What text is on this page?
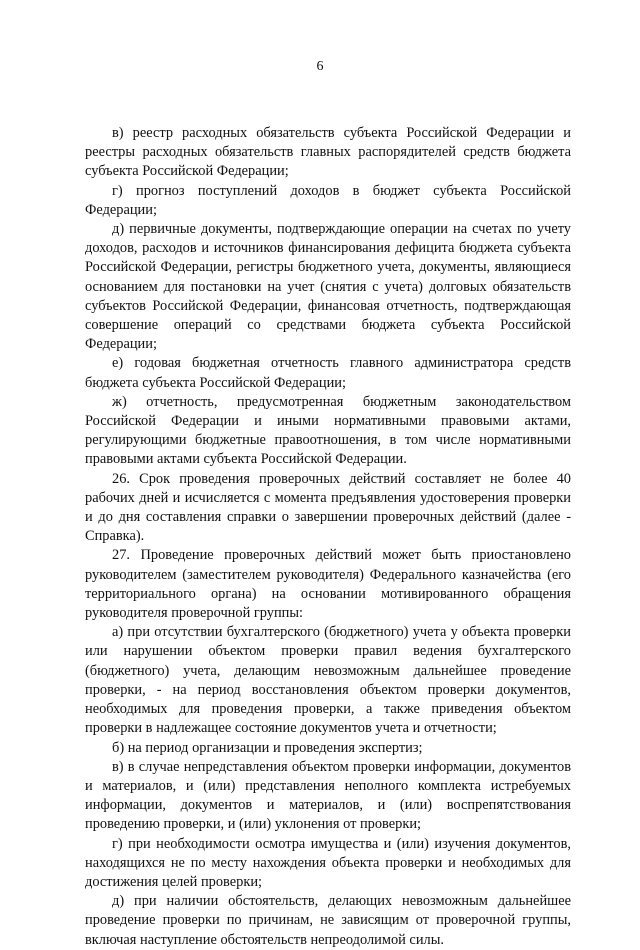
6

в) реестр расходных обязательств субъекта Российской Федерации и реестры расходных обязательств главных распорядителей средств бюджета субъекта Российской Федерации;

г) прогноз поступлений доходов в бюджет субъекта Российской Федерации;

д) первичные документы, подтверждающие операции на счетах по учету доходов, расходов и источников финансирования дефицита бюджета субъекта Российской Федерации, регистры бюджетного учета, документы, являющиеся основанием для постановки на учет (снятия с учета) долговых обязательств субъектов Российской Федерации, финансовая отчетность, подтверждающая совершение операций со средствами бюджета субъекта Российской Федерации;

е) годовая бюджетная отчетность главного администратора средств бюджета субъекта Российской Федерации;

ж) отчетность, предусмотренная бюджетным законодательством Российской Федерации и иными нормативными правовыми актами, регулирующими бюджетные правоотношения, в том числе нормативными правовыми актами субъекта Российской Федерации.

26. Срок проведения проверочных действий составляет не более 40 рабочих дней и исчисляется с момента предъявления удостоверения проверки и до дня составления справки о завершении проверочных действий (далее - Справка).

27. Проведение проверочных действий может быть приостановлено руководителем (заместителем руководителя) Федерального казначейства (его территориального органа) на основании мотивированного обращения руководителя проверочной группы:

а) при отсутствии бухгалтерского (бюджетного) учета у объекта проверки или нарушении объектом проверки правил ведения бухгалтерского (бюджетного) учета, делающим невозможным дальнейшее проведение проверки, - на период восстановления объектом проверки документов, необходимых для проведения проверки, а также приведения объектом проверки в надлежащее состояние документов учета и отчетности;

б) на период организации и проведения экспертиз;

в) в случае непредставления объектом проверки информации, документов и материалов, и (или) представления неполного комплекта истребуемых информации, документов и материалов, и (или) воспрепятствования проведению проверки, и (или) уклонения от проверки;

г) при необходимости осмотра имущества и (или) изучения документов, находящихся не по месту нахождения объекта проверки и необходимых для достижения целей проверки;

д) при наличии обстоятельств, делающих невозможным дальнейшее проведение проверки по причинам, не зависящим от проверочной группы, включая наступление обстоятельств непреодолимой силы.
